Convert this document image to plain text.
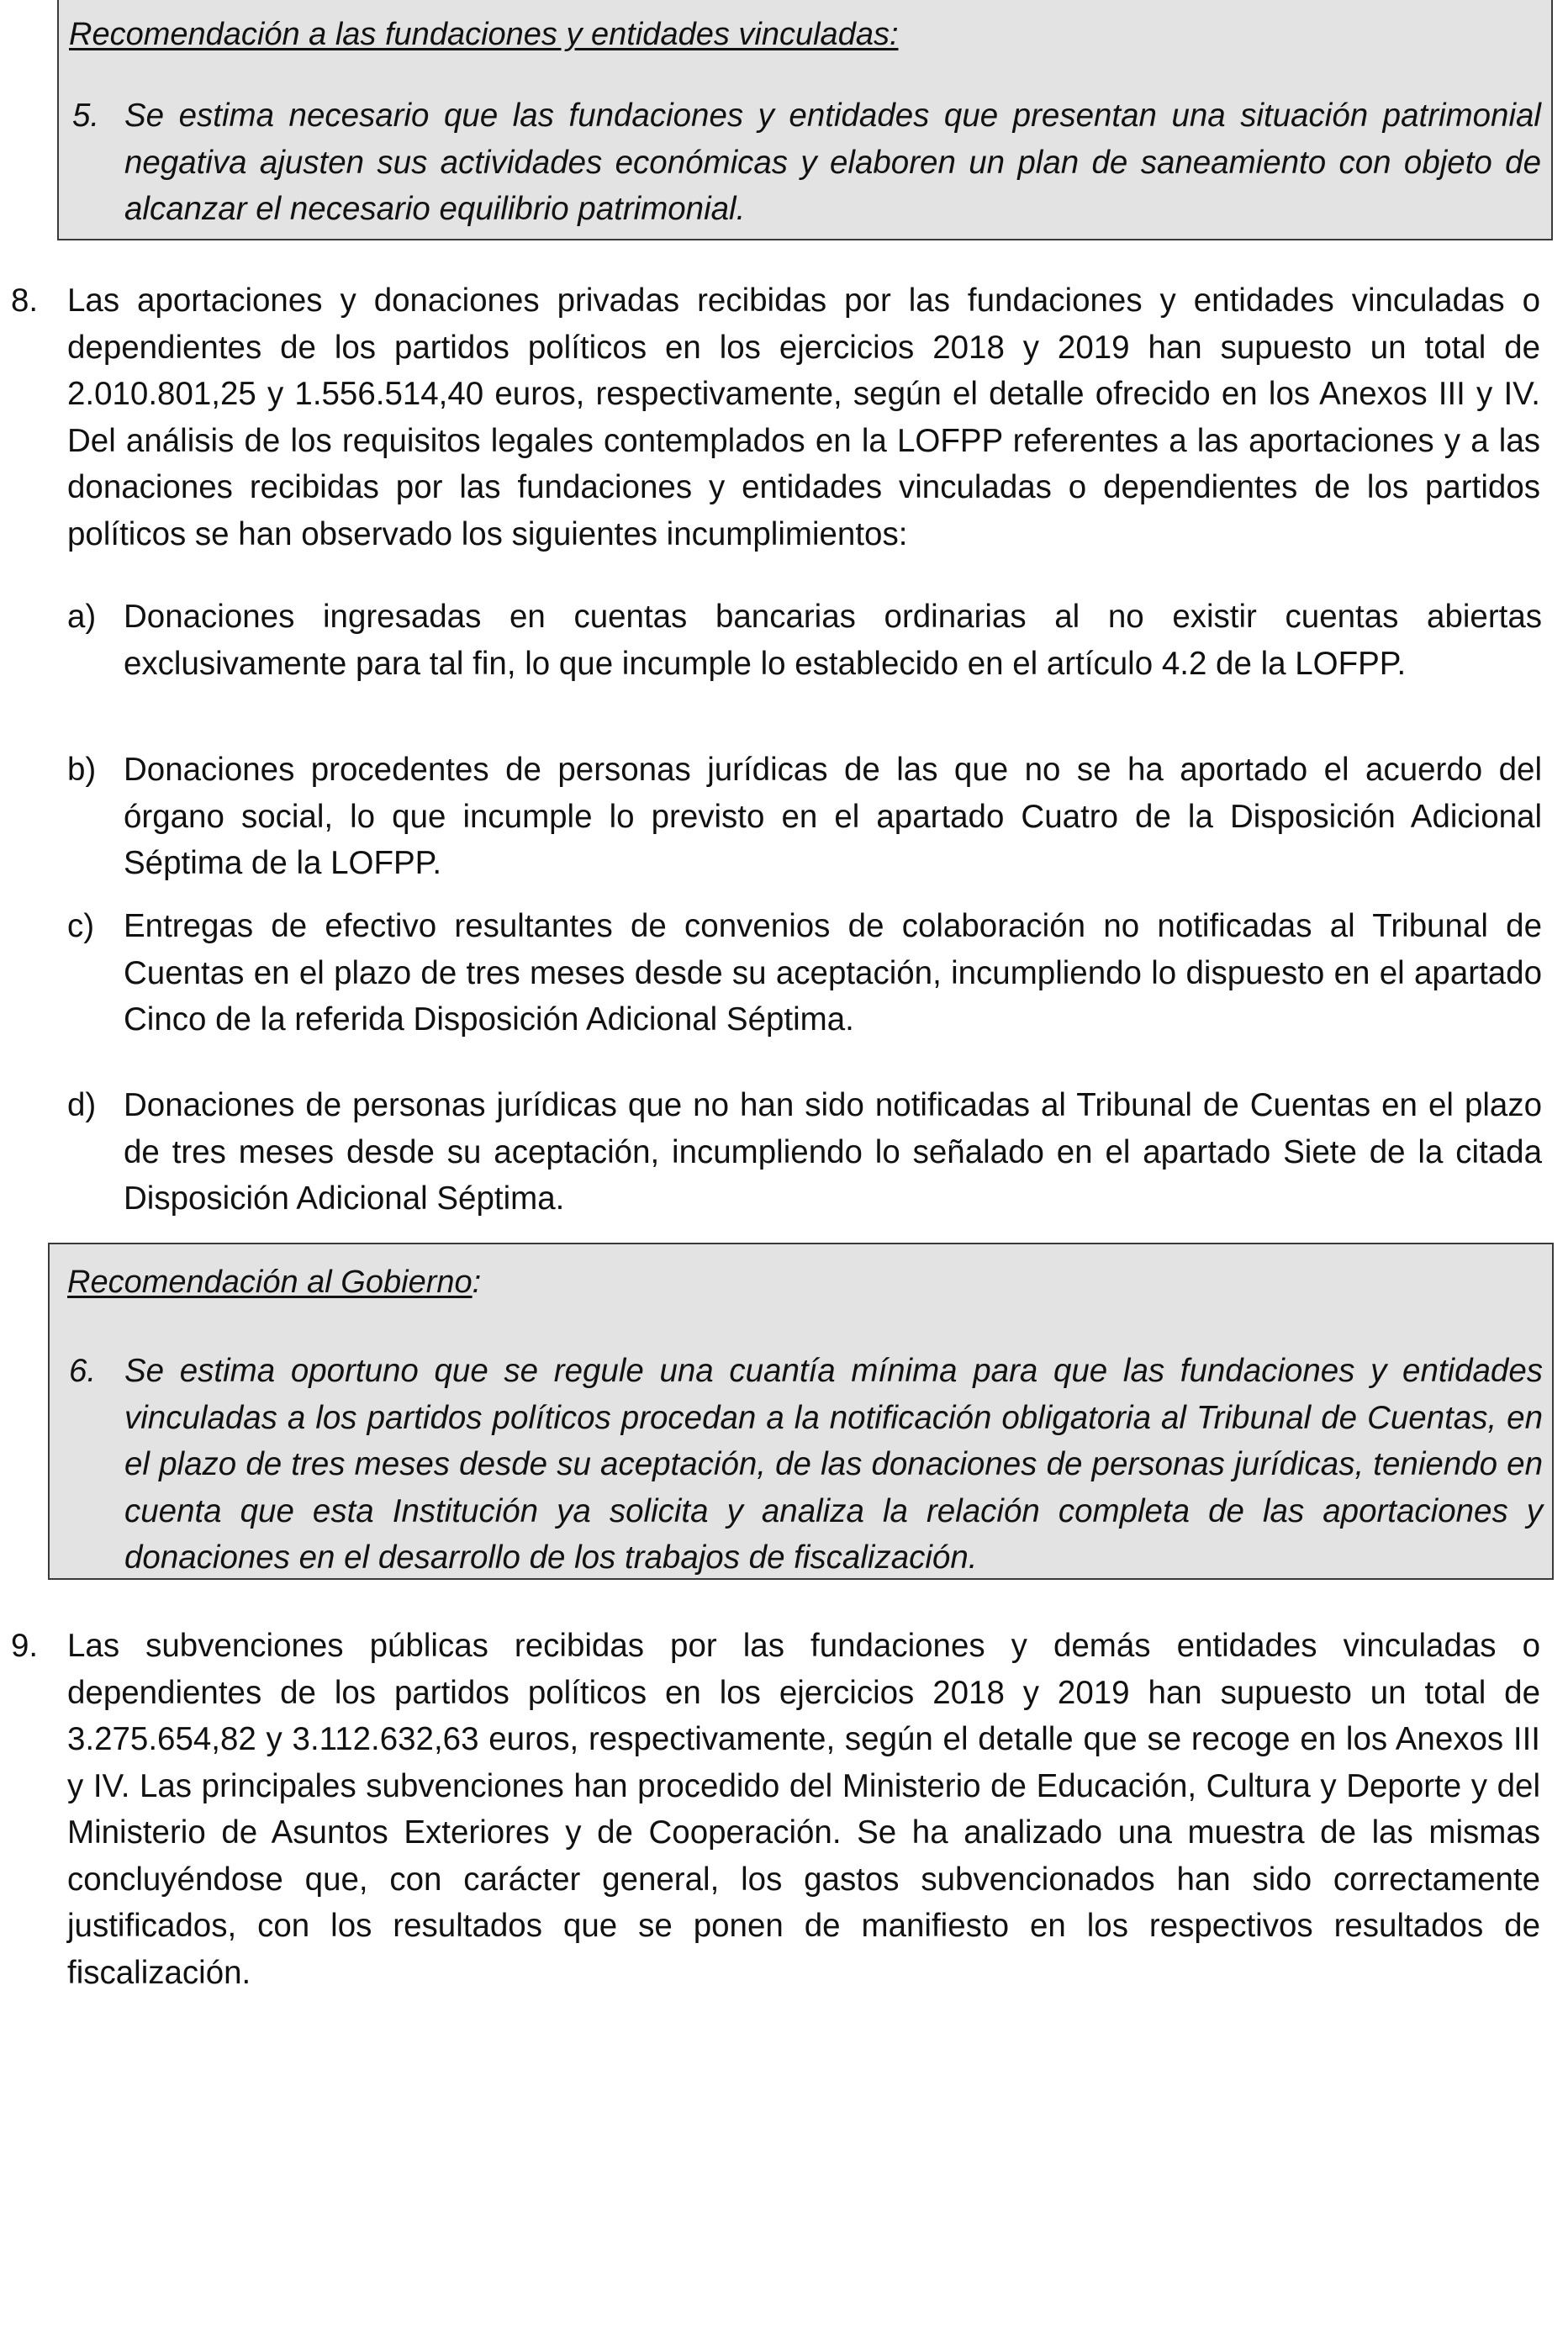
Recomendación a las fundaciones y entidades vinculadas:
5. Se estima necesario que las fundaciones y entidades que presentan una situación patrimonial negativa ajusten sus actividades económicas y elaboren un plan de saneamiento con objeto de alcanzar el necesario equilibrio patrimonial.
8. Las aportaciones y donaciones privadas recibidas por las fundaciones y entidades vinculadas o dependientes de los partidos políticos en los ejercicios 2018 y 2019 han supuesto un total de 2.010.801,25 y 1.556.514,40 euros, respectivamente, según el detalle ofrecido en los Anexos III y IV. Del análisis de los requisitos legales contemplados en la LOFPP referentes a las aportaciones y a las donaciones recibidas por las fundaciones y entidades vinculadas o dependientes de los partidos políticos se han observado los siguientes incumplimientos:
a) Donaciones ingresadas en cuentas bancarias ordinarias al no existir cuentas abiertas exclusivamente para tal fin, lo que incumple lo establecido en el artículo 4.2 de la LOFPP.
b) Donaciones procedentes de personas jurídicas de las que no se ha aportado el acuerdo del órgano social, lo que incumple lo previsto en el apartado Cuatro de la Disposición Adicional Séptima de la LOFPP.
c) Entregas de efectivo resultantes de convenios de colaboración no notificadas al Tribunal de Cuentas en el plazo de tres meses desde su aceptación, incumpliendo lo dispuesto en el apartado Cinco de la referida Disposición Adicional Séptima.
d) Donaciones de personas jurídicas que no han sido notificadas al Tribunal de Cuentas en el plazo de tres meses desde su aceptación, incumpliendo lo señalado en el apartado Siete de la citada Disposición Adicional Séptima.
Recomendación al Gobierno:
6. Se estima oportuno que se regule una cuantía mínima para que las fundaciones y entidades vinculadas a los partidos políticos procedan a la notificación obligatoria al Tribunal de Cuentas, en el plazo de tres meses desde su aceptación, de las donaciones de personas jurídicas, teniendo en cuenta que esta Institución ya solicita y analiza la relación completa de las aportaciones y donaciones en el desarrollo de los trabajos de fiscalización.
9. Las subvenciones públicas recibidas por las fundaciones y demás entidades vinculadas o dependientes de los partidos políticos en los ejercicios 2018 y 2019 han supuesto un total de 3.275.654,82 y 3.112.632,63 euros, respectivamente, según el detalle que se recoge en los Anexos III y IV. Las principales subvenciones han procedido del Ministerio de Educación, Cultura y Deporte y del Ministerio de Asuntos Exteriores y de Cooperación. Se ha analizado una muestra de las mismas concluyéndose que, con carácter general, los gastos subvencionados han sido correctamente justificados, con los resultados que se ponen de manifiesto en los respectivos resultados de fiscalización.
